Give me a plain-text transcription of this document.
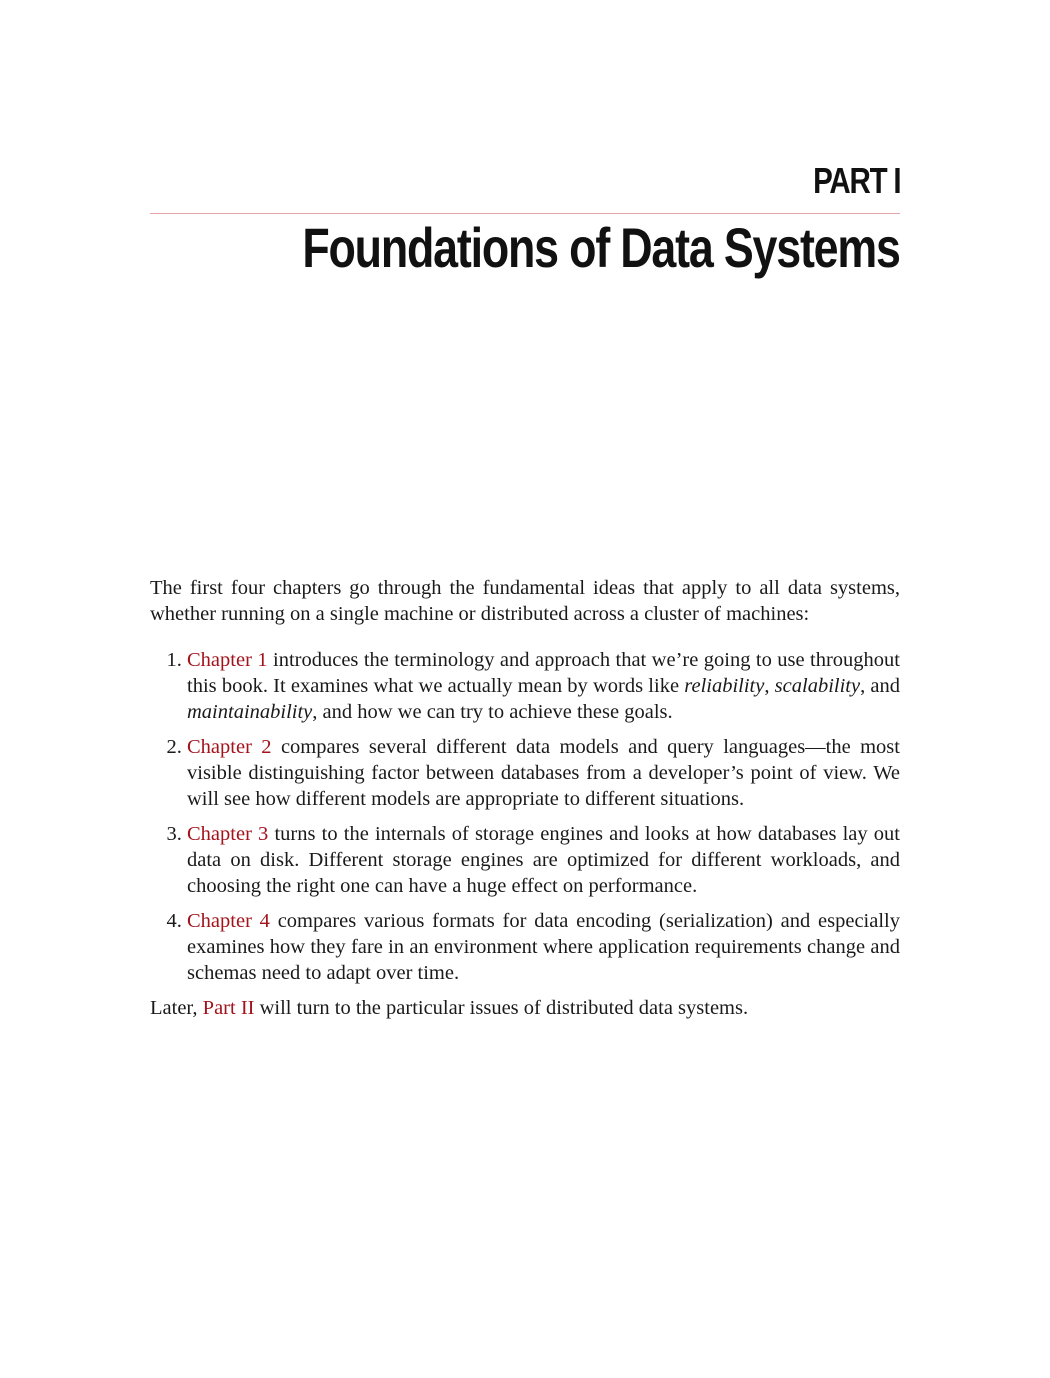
PART I
Foundations of Data Systems

The first four chapters go through the fundamental ideas that apply to all data systems, whether running on a single machine or distributed across a cluster of machines:

1. Chapter 1 introduces the terminology and approach that we’re going to use throughout this book. It examines what we actually mean by words like reliability, scalability, and maintainability, and how we can try to achieve these goals.
2. Chapter 2 compares several different data models and query languages—the most visible distinguishing factor between databases from a developer’s point of view. We will see how different models are appropriate to different situations.
3. Chapter 3 turns to the internals of storage engines and looks at how databases lay out data on disk. Different storage engines are optimized for different workloads, and choosing the right one can have a huge effect on performance.
4. Chapter 4 compares various formats for data encoding (serialization) and especially examines how they fare in an environment where application requirements change and schemas need to adapt over time.

Later, Part II will turn to the particular issues of distributed data systems.
